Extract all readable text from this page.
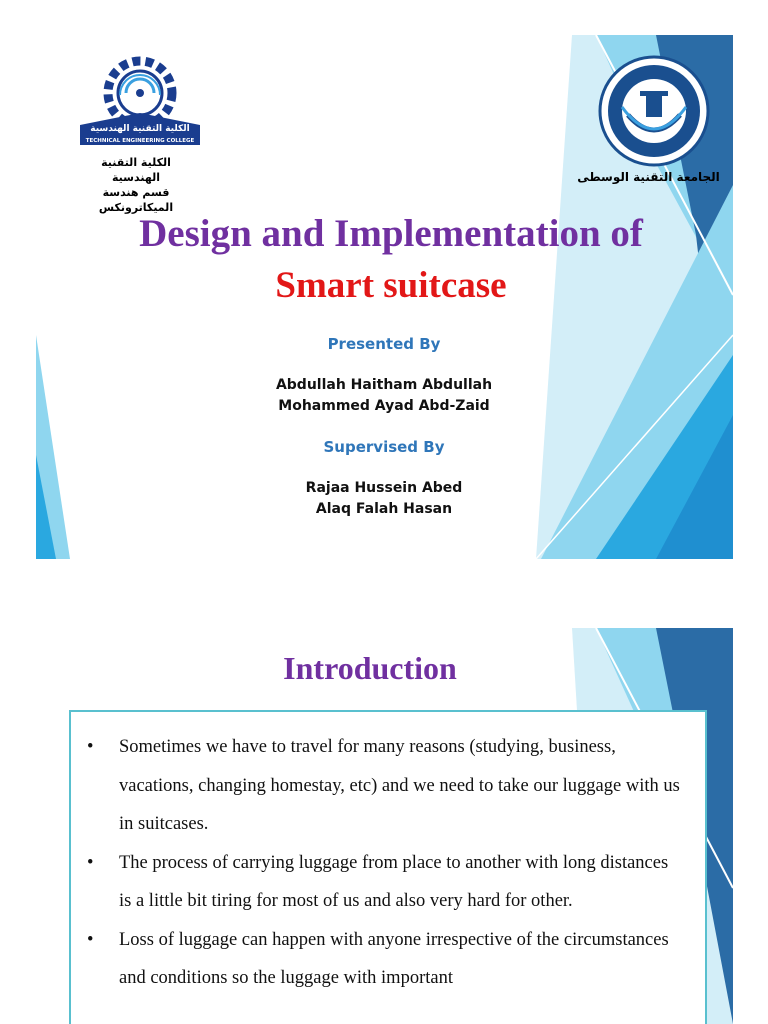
الكلية التقنية الهندسية
TECHNICAL ENGINEERING COLLEGE
الكلية التقنية الهندسية
قسم هندسة الميكاترونكس
الجامعة التقنية الوسطى
Design and Implementation of
Smart suitcase
Presented By
Abdullah Haitham Abdullah
Mohammed Ayad Abd-Zaid
Supervised By
Rajaa Hussein Abed
Alaq Falah Hasan
Introduction
• Sometimes we have to travel for many reasons (studying, business, vacations, changing homestay, etc) and we need to take our luggage with us in suitcases.
• The process of carrying luggage from place to another with long distances is a little bit tiring for most of us and also very hard for other.
• Loss of luggage can happen with anyone irrespective of the circumstances and conditions so the luggage with important
